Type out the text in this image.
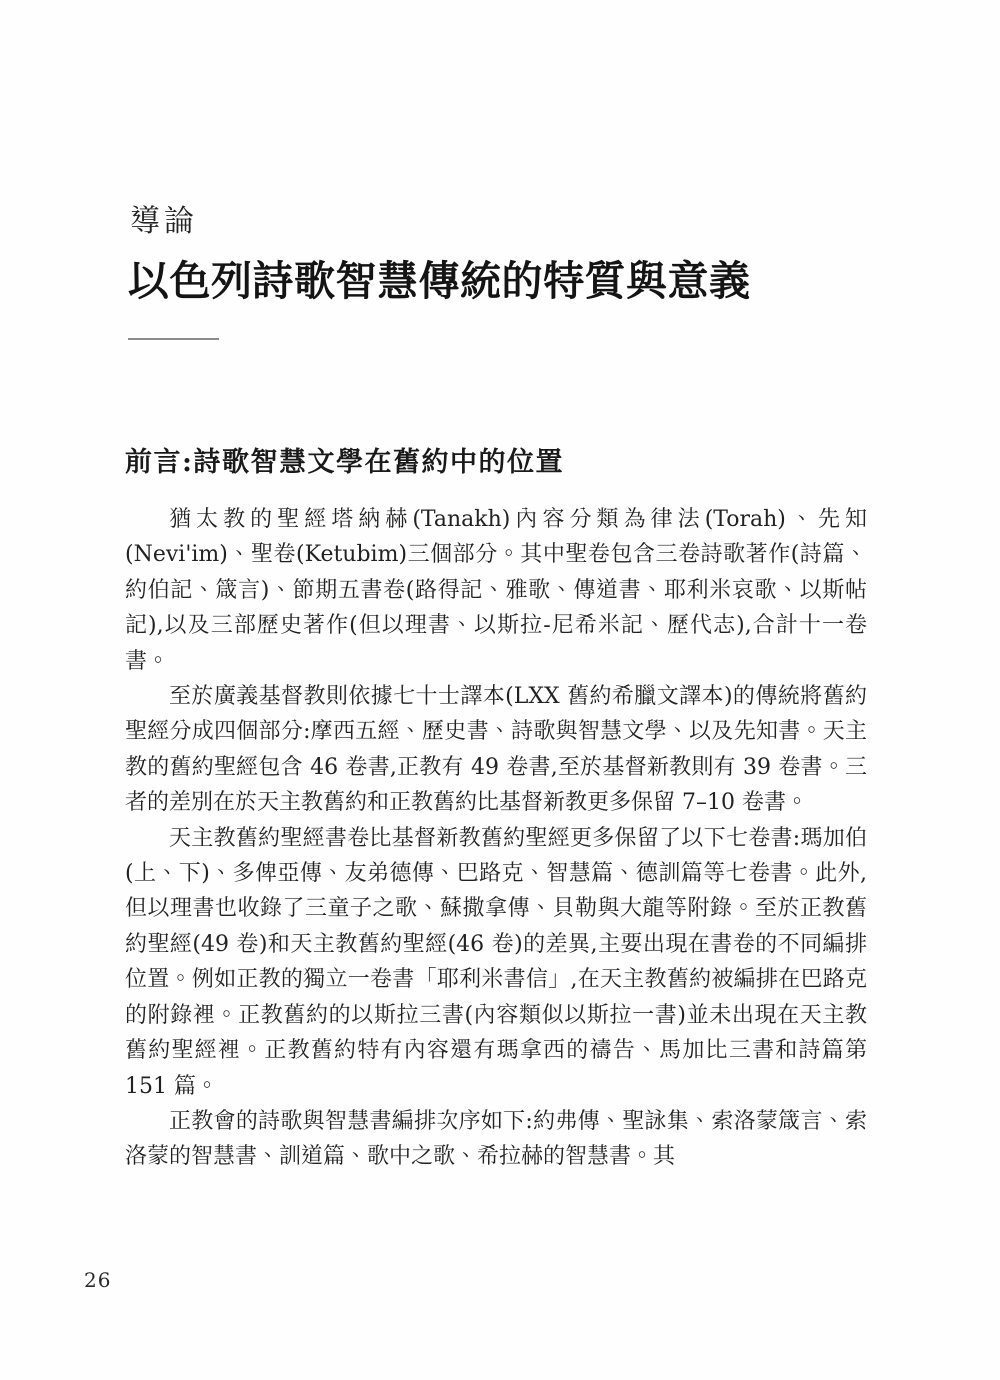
導論
以色列詩歌智慧傳統的特質與意義
前言:詩歌智慧文學在舊約中的位置

猶太教的聖經塔納赫(Tanakh)內容分類為律法(Torah)、先知(Nevi'im)、聖卷(Ketubim)三個部分。其中聖卷包含三卷詩歌著作(詩篇、約伯記、箴言)、節期五書卷(路得記、雅歌、傳道書、耶利米哀歌、以斯帖記),以及三部歷史著作(但以理書、以斯拉-尼希米記、歷代志),合計十一卷書。

至於廣義基督教則依據七十士譯本(LXX 舊約希臘文譯本)的傳統將舊約聖經分成四個部分:摩西五經、歷史書、詩歌與智慧文學、以及先知書。天主教的舊約聖經包含 46 卷書,正教有 49 卷書,至於基督新教則有 39 卷書。三者的差別在於天主教舊約和正教舊約比基督新教更多保留 7–10 卷書。

天主教舊約聖經書卷比基督新教舊約聖經更多保留了以下七卷書:瑪加伯(上、下)、多俾亞傳、友弟德傳、巴路克、智慧篇、德訓篇等七卷書。此外,但以理書也收錄了三童子之歌、蘇撒拿傳、貝勒與大龍等附錄。至於正教舊約聖經(49 卷)和天主教舊約聖經(46 卷)的差異,主要出現在書卷的不同編排位置。例如正教的獨立一卷書「耶利米書信」,在天主教舊約被編排在巴路克的附錄裡。正教舊約的以斯拉三書(內容類似以斯拉一書)並未出現在天主教舊約聖經裡。正教舊約特有內容還有瑪拿西的禱告、馬加比三書和詩篇第 151 篇。

正教會的詩歌與智慧書編排次序如下:約弗傳、聖詠集、索洛蒙箴言、索洛蒙的智慧書、訓道篇、歌中之歌、希拉赫的智慧書。其

26
